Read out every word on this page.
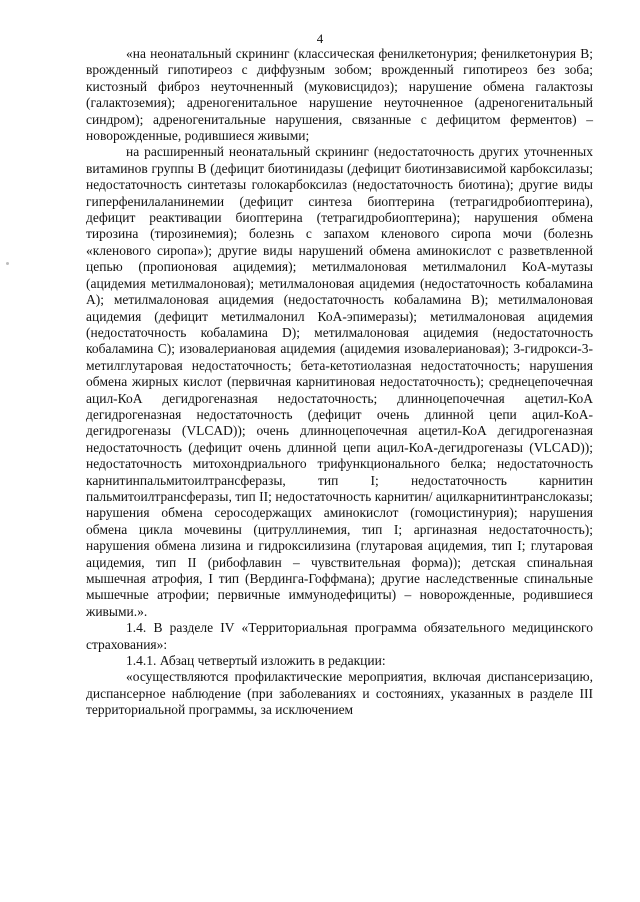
4

«на неонатальный скрининг (классическая фенилкетонурия; фенилкетонурия В; врожденный гипотиреоз с диффузным зобом; врожденный гипотиреоз без зоба; кистозный фиброз неуточненный (муковисцидоз); нарушение обмена галактозы (галактоземия); адреногенитальное нарушение неуточненное (адреногенитальный синдром); адреногенитальные нарушения, связанные с дефицитом ферментов) – новорожденные, родившиеся живыми;

на расширенный неонатальный скрининг (недостаточность других уточненных витаминов группы В (дефицит биотинидазы (дефицит биотинзависимой карбоксилазы; недостаточность синтетазы голокарбоксилаз (недостаточность биотина); другие виды гиперфенилаланинемии (дефицит синтеза биоптерина (тетрагидробиоптерина), дефицит реактивации биоптерина (тетрагидробиоптерина); нарушения обмена тирозина (тирозинемия); болезнь с запахом кленового сиропа мочи (болезнь «кленового сиропа»); другие виды нарушений обмена аминокислот с разветвленной цепью (пропионовая ацидемия); метилмалоновая метилмалонил КоА-мутазы (ацидемия метилмалоновая); метилмалоновая ацидемия (недостаточность кобаламина А); метилмалоновая ацидемия (недостаточность кобаламина В); метилмалоновая ацидемия (дефицит метилмалонил КоА-эпимеразы); метилмалоновая ацидемия (недостаточность кобаламина D); метилмалоновая ацидемия (недостаточность кобаламина С); изовалериановая ацидемия (ацидемия изовалериановая); 3-гидрокси-3-метилглутаровая недостаточность; бета-кетотиолазная недостаточность; нарушения обмена жирных кислот (первичная карнитиновая недостаточность); среднецепочечная ацил-КоА дегидрогеназная недостаточность; длинноцепочечная ацетил-КоА дегидрогеназная недостаточность (дефицит очень длинной цепи ацил-КоА-дегидрогеназы (VLCAD)); очень длинноцепочечная ацетил-КоА дегидрогеназная недостаточность (дефицит очень длинной цепи ацил-КоА-дегидрогеназы (VLCAD)); недостаточность митохондриального трифункционального белка; недостаточность карнитинпальмитоилтрансферазы, тип I; недостаточность карнитин пальмитоилтрансферазы, тип II; недостаточность карнитин/ ацилкарнитинтранслоказы; нарушения обмена серосодержащих аминокислот (гомоцистинурия); нарушения обмена цикла мочевины (цитруллинемия, тип I; аргиназная недостаточность); нарушения обмена лизина и гидроксилизина (глутаровая ацидемия, тип I; глутаровая ацидемия, тип II (рибофлавин – чувствительная форма)); детская спинальная мышечная атрофия, I тип (Вердинга-Гоффмана); другие наследственные спинальные мышечные атрофии; первичные иммунодефициты) – новорожденные, родившиеся живыми.».

1.4. В разделе IV «Территориальная программа обязательного медицинского страхования»:

1.4.1. Абзац четвертый изложить в редакции:

«осуществляются профилактические мероприятия, включая диспансеризацию, диспансерное наблюдение (при заболеваниях и состояниях, указанных в разделе III территориальной программы, за исключением
